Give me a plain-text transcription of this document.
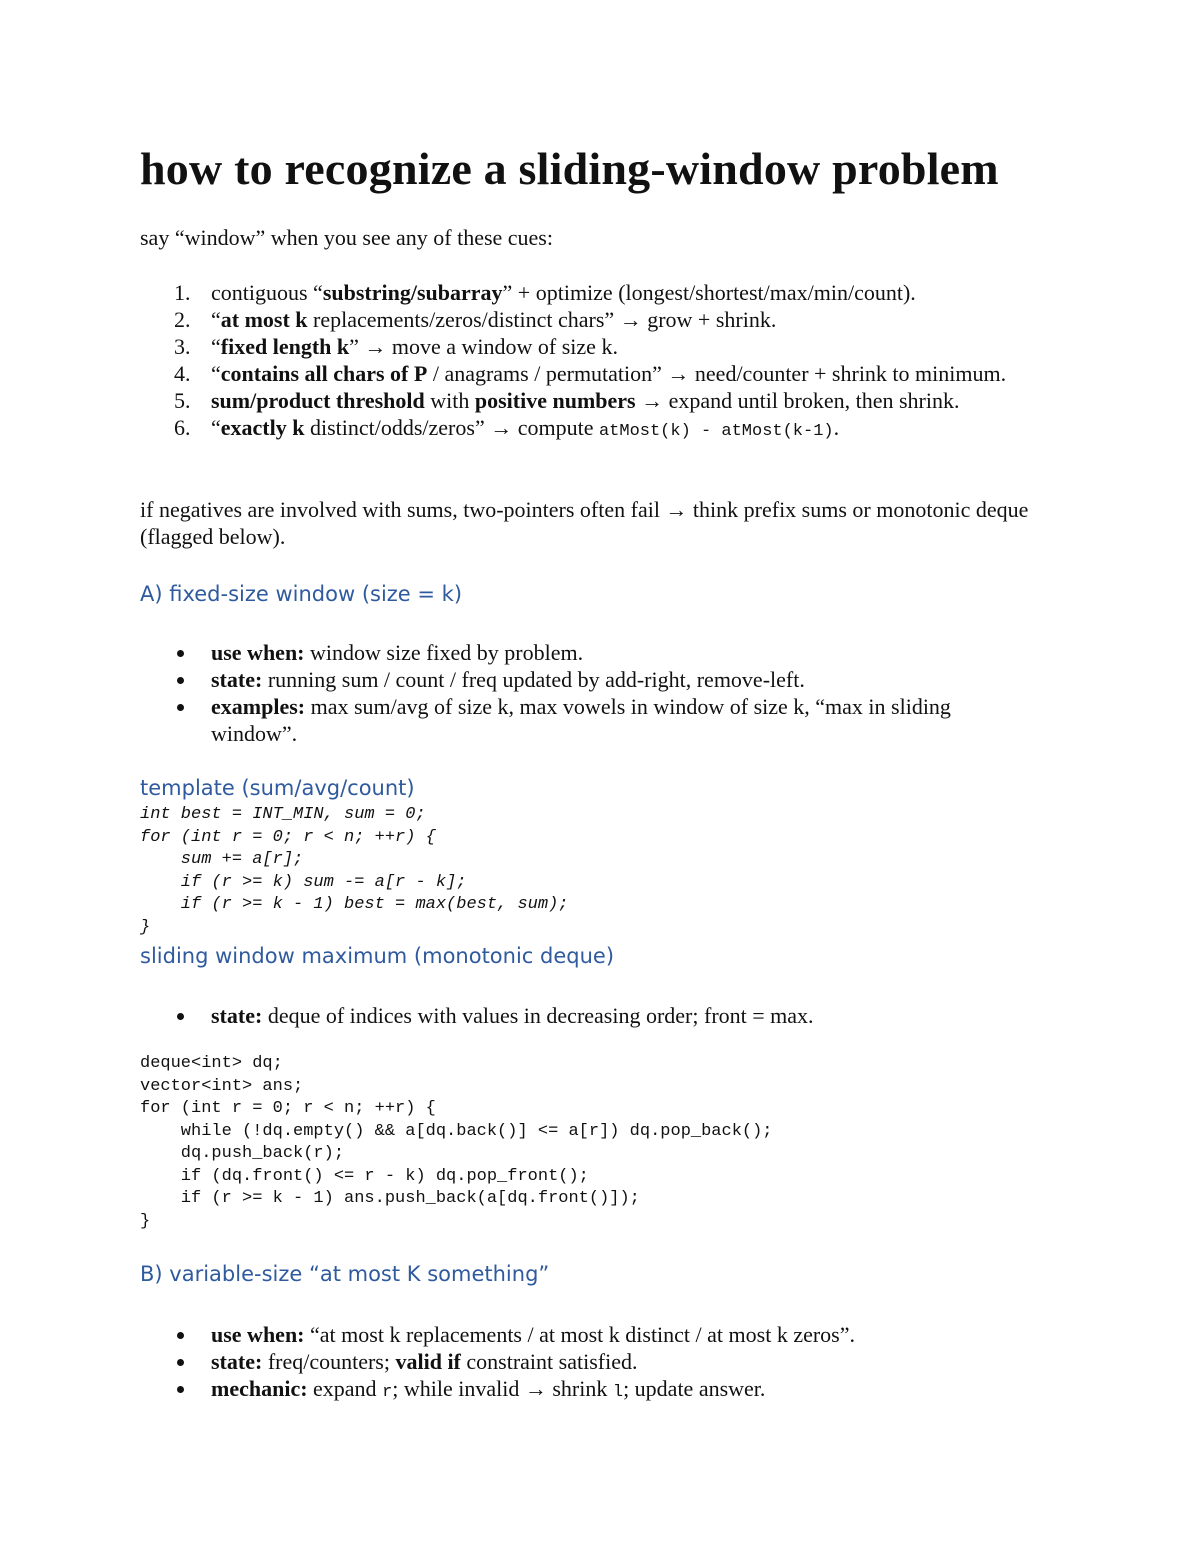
how to recognize a sliding-window problem

say “window” when you see any of these cues:

1. contiguous “substring/subarray” + optimize (longest/shortest/max/min/count).
2. “at most k replacements/zeros/distinct chars” → grow + shrink.
3. “fixed length k” → move a window of size k.
4. “contains all chars of P / anagrams / permutation” → need/counter + shrink to minimum.
5. sum/product threshold with positive numbers → expand until broken, then shrink.
6. “exactly k distinct/odds/zeros” → compute atMost(k) - atMost(k-1).

if negatives are involved with sums, two-pointers often fail → think prefix sums or monotonic deque (flagged below).

A) fixed-size window (size = k)
use when: window size fixed by problem.
state: running sum / count / freq updated by add-right, remove-left.
examples: max sum/avg of size k, max vowels in window of size k, “max in sliding window”.
template (sum/avg/count)
int best = INT_MIN, sum = 0;
for (int r = 0; r < n; ++r) {
sum += a[r];
if (r >= k) sum -= a[r - k];
if (r >= k - 1) best = max(best, sum);
}
sliding window maximum (monotonic deque)
state: deque of indices with values in decreasing order; front = max.
deque<int> dq;
vector<int> ans;
for (int r = 0; r < n; ++r) {
while (!dq.empty() && a[dq.back()] <= a[r]) dq.pop_back();
dq.push_back(r);
if (dq.front() <= r - k) dq.pop_front();
if (r >= k - 1) ans.push_back(a[dq.front()]);
}
B) variable-size “at most K something”
use when: “at most k replacements / at most k distinct / at most k zeros”.
state: freq/counters; valid if constraint satisfied.
mechanic: expand r; while invalid → shrink l; update answer.
